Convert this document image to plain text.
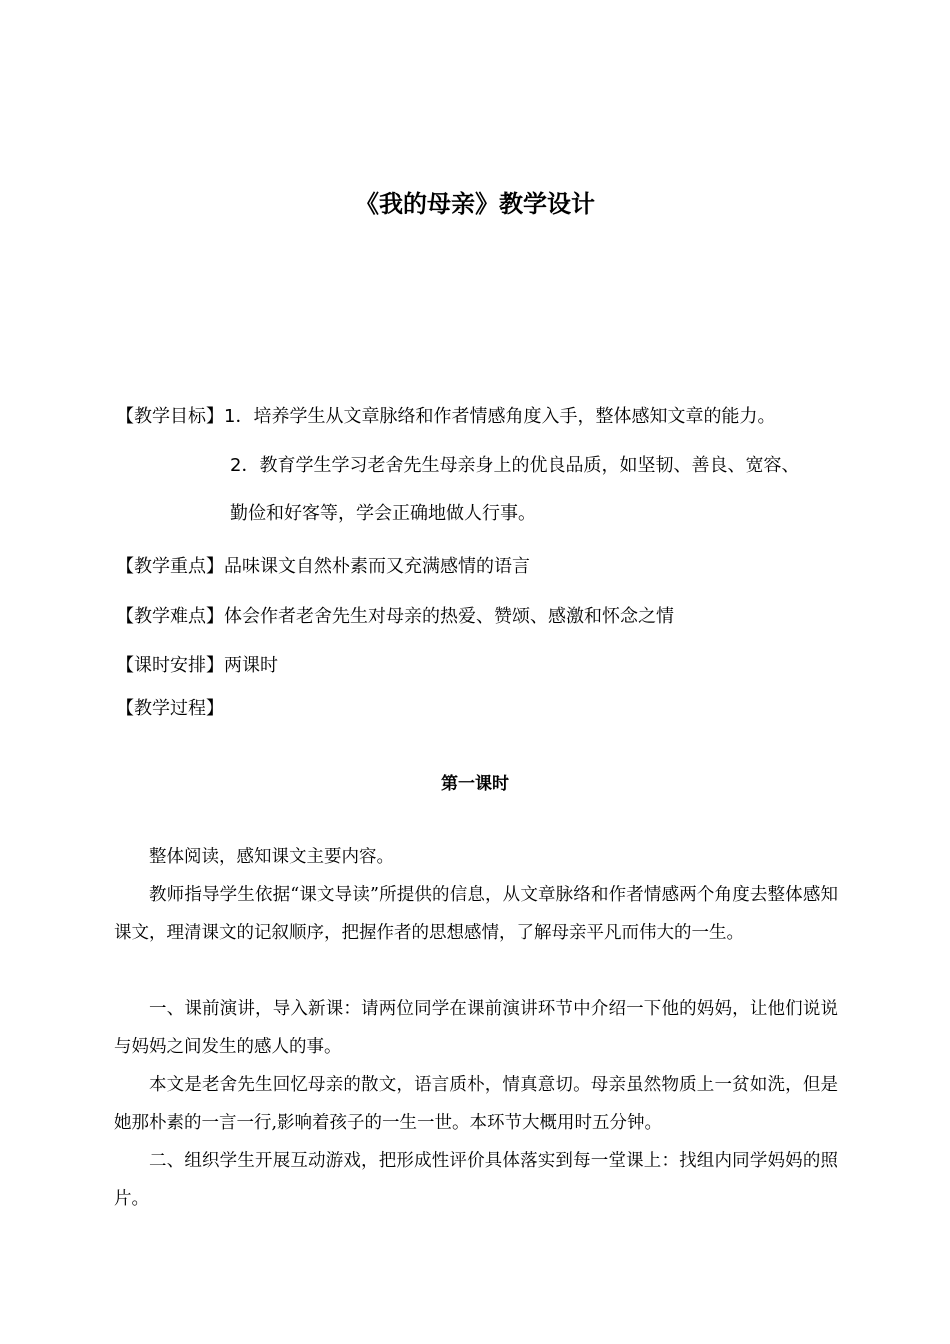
《我的母亲》教学设计
【教学目标】1．培养学生从文章脉络和作者情感角度入手，整体感知文章的能力。
2．教育学生学习老舍先生母亲身上的优良品质，如坚韧、善良、宽容、
勤俭和好客等，学会正确地做人行事。
【教学重点】品味课文自然朴素而又充满感情的语言
【教学难点】体会作者老舍先生对母亲的热爱、赞颂、感激和怀念之情
【课时安排】两课时
【教学过程】
第一课时

整体阅读，感知课文主要内容。

教师指导学生依据“课文导读”所提供的信息，从文章脉络和作者情感两个角度去整体感知课文，理清课文的记叙顺序，把握作者的思想感情，了解母亲平凡而伟大的一生。

一、课前演讲，导入新课：请两位同学在课前演讲环节中介绍一下他的妈妈，让他们说说与妈妈之间发生的感人的事。

本文是老舍先生回忆母亲的散文，语言质朴，情真意切。母亲虽然物质上一贫如洗，但是她那朴素的一言一行,影响着孩子的一生一世。本环节大概用时五分钟。

二、组织学生开展互动游戏，把形成性评价具体落实到每一堂课上：找组内同学妈妈的照片。
